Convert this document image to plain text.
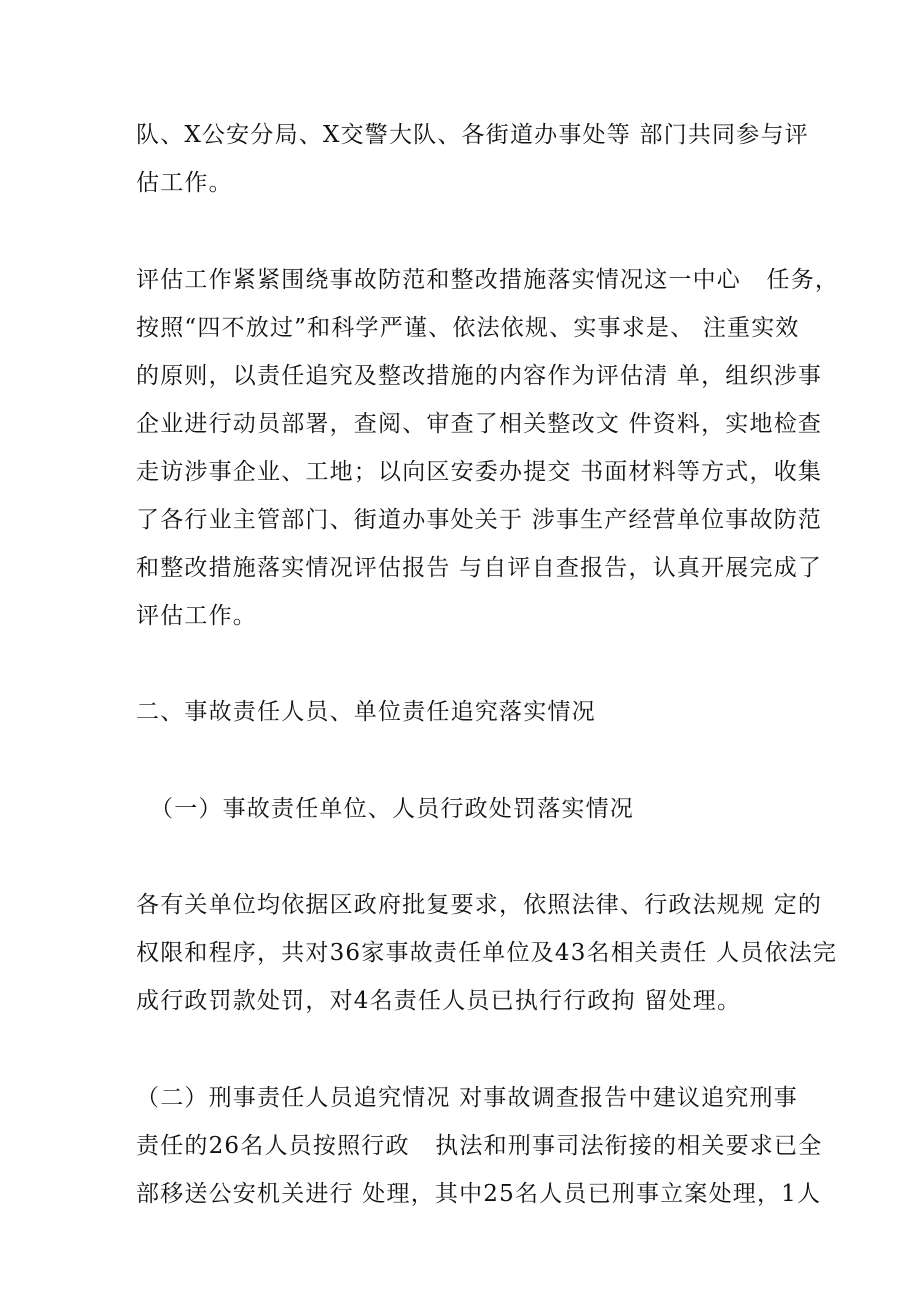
队、X公安分局、X交警大队、各街道办事处等 部门共同参与评
估工作。
评估工作紧紧围绕事故防范和整改措施落实情况这一中心   任务，
按照“四不放过”和科学严谨、依法依规、实事求是、 注重实效
的原则，以责任追究及整改措施的内容作为评估清 单，组织涉事
企业进行动员部署，查阅、审查了相关整改文 件资料，实地检查
走访涉事企业、工地；以向区安委办提交 书面材料等方式，收集
了各行业主管部门、街道办事处关于 涉事生产经营单位事故防范
和整改措施落实情况评估报告 与自评自查报告，认真开展完成了
评估工作。
二、事故责任人员、单位责任追究落实情况
（一）事故责任单位、人员行政处罚落实情况
各有关单位均依据区政府批复要求，依照法律、行政法规规 定的
权限和程序，共对36家事故责任单位及43名相关责任 人员依法完
成行政罚款处罚，对4名责任人员已执行行政拘 留处理。
（二）刑事责任人员追究情况 对事故调查报告中建议追究刑事
责任的26名人员按照行政   执法和刑事司法衔接的相关要求已全
部移送公安机关进行 处理，其中25名人员已刑事立案处理，1人
